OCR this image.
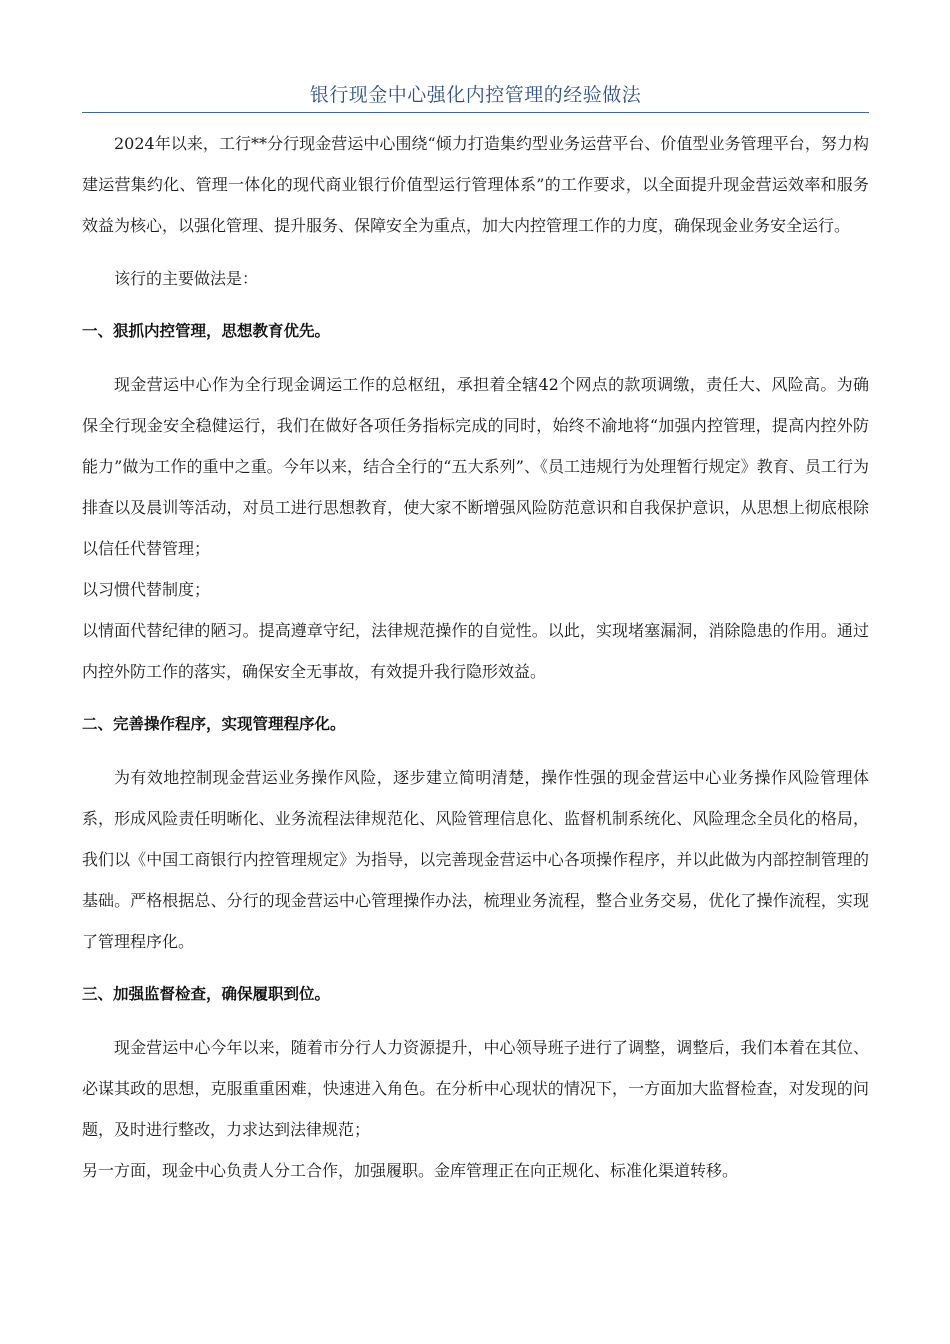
银行现金中心强化内控管理的经验做法

2024年以来，工行**分行现金营运中心围绕“倾力打造集约型业务运营平台、价值型业务管理平台，努力构建运营集约化、管理一体化的现代商业银行价值型运行管理体系”的工作要求，以全面提升现金营运效率和服务效益为核心，以强化管理、提升服务、保障安全为重点，加大内控管理工作的力度，确保现金业务安全运行。

该行的主要做法是：

一、狠抓内控管理，思想教育优先。

现金营运中心作为全行现金调运工作的总枢纽，承担着全辖42个网点的款项调缴，责任大、风险高。为确保全行现金安全稳健运行，我们在做好各项任务指标完成的同时，始终不渝地将“加强内控管理，提高内控外防能力”做为工作的重中之重。今年以来，结合全行的“五大系列”、《员工违规行为处理暂行规定》教育、员工行为排查以及晨训等活动，对员工进行思想教育，使大家不断增强风险防范意识和自我保护意识，从思想上彻底根除以信任代替管理；

以习惯代替制度；

以情面代替纪律的陋习。提高遵章守纪，法律规范操作的自觉性。以此，实现堵塞漏洞，消除隐患的作用。通过内控外防工作的落实，确保安全无事故，有效提升我行隐形效益。

二、完善操作程序，实现管理程序化。

为有效地控制现金营运业务操作风险，逐步建立简明清楚，操作性强的现金营运中心业务操作风险管理体系，形成风险责任明晰化、业务流程法律规范化、风险管理信息化、监督机制系统化、风险理念全员化的格局，我们以《中国工商银行内控管理规定》为指导，以完善现金营运中心各项操作程序，并以此做为内部控制管理的基础。严格根据总、分行的现金营运中心管理操作办法，梳理业务流程，整合业务交易，优化了操作流程，实现了管理程序化。

三、加强监督检查，确保履职到位。

现金营运中心今年以来，随着市分行人力资源提升，中心领导班子进行了调整，调整后，我们本着在其位、必谋其政的思想，克服重重困难，快速进入角色。在分析中心现状的情况下，一方面加大监督检查，对发现的问题，及时进行整改，力求达到法律规范；

另一方面，现金中心负责人分工合作，加强履职。金库管理正在向正规化、标准化渠道转移。
